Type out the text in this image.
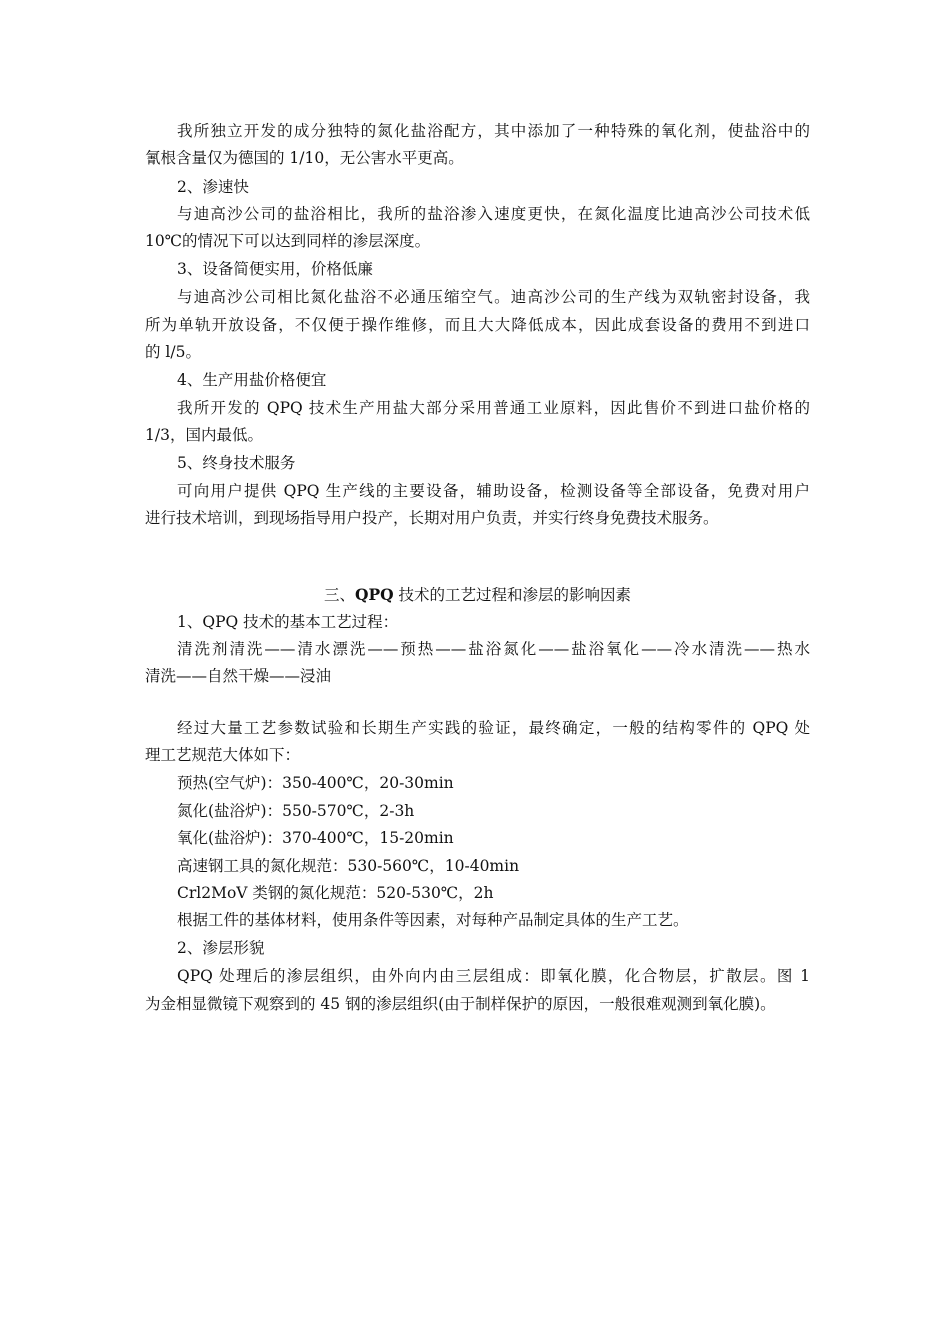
我所独立开发的成分独特的氮化盐浴配方，其中添加了一种特殊的氧化剂，使盐浴中的
氰根含量仅为德国的 1/10，无公害水平更高。
2、渗速快
与迪高沙公司的盐浴相比，我所的盐浴渗入速度更快，在氮化温度比迪高沙公司技术低
10℃的情况下可以达到同样的渗层深度。
3、设备简便实用，价格低廉
与迪高沙公司相比氮化盐浴不必通压缩空气。迪高沙公司的生产线为双轨密封设备，我
所为单轨开放设备，不仅便于操作维修，而且大大降低成本，因此成套设备的费用不到进口
的 l/5。
4、生产用盐价格便宜
我所开发的 QPQ 技术生产用盐大部分采用普通工业原料，因此售价不到进口盐价格的
1/3，国内最低。
5、终身技术服务
可向用户提供 QPQ 生产线的主要设备，辅助设备，检测设备等全部设备，免费对用户
进行技术培训，到现场指导用户投产，长期对用户负责，并实行终身免费技术服务。
三、QPQ 技术的工艺过程和渗层的影响因素
1、QPQ 技术的基本工艺过程：
清洗剂清洗——清水漂洗——预热——盐浴氮化——盐浴氧化——冷水清洗——热水
清洗——自然干燥——浸油
经过大量工艺参数试验和长期生产实践的验证，最终确定，一般的结构零件的 QPQ 处
理工艺规范大体如下：
预热(空气炉)：350-400℃，20-30min
氮化(盐浴炉)：550-570℃，2-3h
氧化(盐浴炉)：370-400℃，15-20min
高速钢工具的氮化规范：530-560℃，10-40min
Crl2MoV 类钢的氮化规范：520-530℃，2h
根据工件的基体材料，使用条件等因素，对每种产品制定具体的生产工艺。
2、渗层形貌
QPQ 处理后的渗层组织，由外向内由三层组成：即氧化膜，化合物层，扩散层。图 1
为金相显微镜下观察到的 45 钢的渗层组织(由于制样保护的原因，一般很难观测到氧化膜)。
